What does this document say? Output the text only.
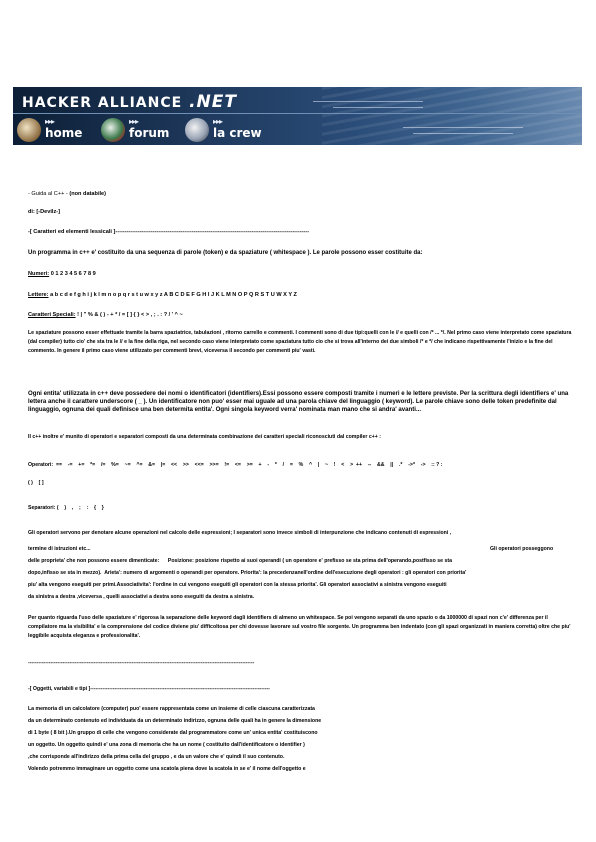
HACKER ALLIANCE .NET
▸▸▸
home
▸▸▸
forum
▸▸▸
la crew
- Guida al C++ - (non databile)
di: [-Devilz-]
-[ Caratteri ed elementi lessicali ]--------------------------------------------------------------------------------------------------------
Un programma in c++ e' costituito da una sequenza di parole (token) e da spaziature ( whitespace ). Le parole possono esser costituite da:
Numeri: 0 1 2 3 4 5 6 7 8 9
Lettere: a b c d e f g h i j k l m n o p q r s t u w x y z A B C D E F G H I J K L M N O P Q R S T U W X Y Z
Caratteri Speciali: ! | " % & ( ) - + * / = [ ] { } < > , ; . : ? / ' ^ ~

Le spaziature possono esser effettuate tramite la barra spaziatrice, tabulazioni , ritorno carrello e commenti. I commenti sono di due tipi:quelli con le // e quelli con /* ... */. Nel primo caso viene interpretato come spaziatura (dal compiler) tutto cio' che sta tra le // e la fine della riga, nel secondo caso viene interpretato come spaziatura tutto cio che si trova all'interno dei due simboli /* e */ che indicano rispettivamente l'inizio e la fine del commento. In genere il primo caso viene utilizzato per commenti brevi, viceversa il secondo per commenti piu' vasti.

Ogni entita' utilizzata in c++ deve possedere dei nomi o identificatori (identifiers).Essi possono essere composti tramite i numeri e le lettere previste. Per la scrittura degli identifiers e' una lettera anche il carattere underscore ( _ ). Un identificatore non puo' esser mai uguale ad una parola chiave del linguaggio ( keyword). Le parole chiave sono delle token predefinite dal linguaggio, ognuna dei quali definisce una ben determita entita'. Ogni singola keyword verra' nominata man mano che si andra' avanti...

Il c++ inoltre e' munito di operatori e separatori composti da una determinata combinazione dei caratteri speciali riconosciuti dal compiler c++ :
Operatori:  ==    -=    +=    *=    /=    %=    ~=    ^=    &=    |=    <<    >>    <<=    >>=    !=    <=    >=    +    -    *    /    =    %    ^    |    ~    !    <    >  ++    --    &&    ||    .*    ->*    ->    :: ? :
( )    [ ]
Separatori: (    )    ,    ;    :    {    }
Gli operatori servono per denotare alcune operazioni nel calcolo delle espressioni; I separatori sono invece simboli di interpunzione che indicano contenuti di espressioni ,
termine di istruzioni etc...	Gli operatori posseggono
delle proprieta' che non possono essere dimenticate:      Posizione: posizione rispetto ai suoi operandi ( un operatore e' prefisso se sta prima dell'operando,postfisso se sta
dopo,infisso se sta in mezzo).  Arieta': numero di argomenti o operandi per operatore. Priorita': la precedenzanell'ordine dell'esecuzione degli operatori : gli operatori con priorita'
piu' alta vengono eseguiti per primi.Associativita': l'ordine in cui vengono eseguiti gli operatori con la stessa priorita'. Gli operatori associativi a sinistra vengono eseguiti
da sinistra a destra ,viceversa , quelli associativi a destra sono eseguiti da destra a sinistra.

Per quanto riguarda l'uso delle spaziature e' rigorosa la separazione delle keyword dagli identifiers di almeno un whitespace. Se poi vengono separati da uno spazio o da 1000000 di spazi non c'e' differenza per il compilatore ma la visibilita' e la comprensione del codice diviene piu' difficoltosa per chi dovesse lavorare sul vostro file sorgente. Un programma ben indentato (con gli spazi organizzati in maniera corretta) oltre che piu' leggibile acquista eleganza e professionalita'.

-----------------------------------------------------------------------------------------------------------------------------------
-[ Oggetti, variabili e tipi ]--------------------------------------------------------------------------------------------------------
La memoria di un calcolatore (computer) puo' essere rappresentata come un insieme di celle ciascuna caratterizzata
da un determinato contenuto ed individuata da un determinato indirizzo, ognuna delle quali ha in genere la dimensione
di 1 byte ( 8 bit ).Un gruppo di celle che vengono considerate dal programmatore come un' unica entita' costituiscono
un oggetto. Un oggetto quindi e' una zona di memoria che ha un nome ( costituito dall'identificatore o identifier )
,che corrisponde all'indirizzo della prima cella del gruppo , e da un valore che e' quindi il suo contenuto.
Volendo potremmo immaginare un oggetto come una scatola piena dove la scatola in se e' il nome dell'oggetto e
